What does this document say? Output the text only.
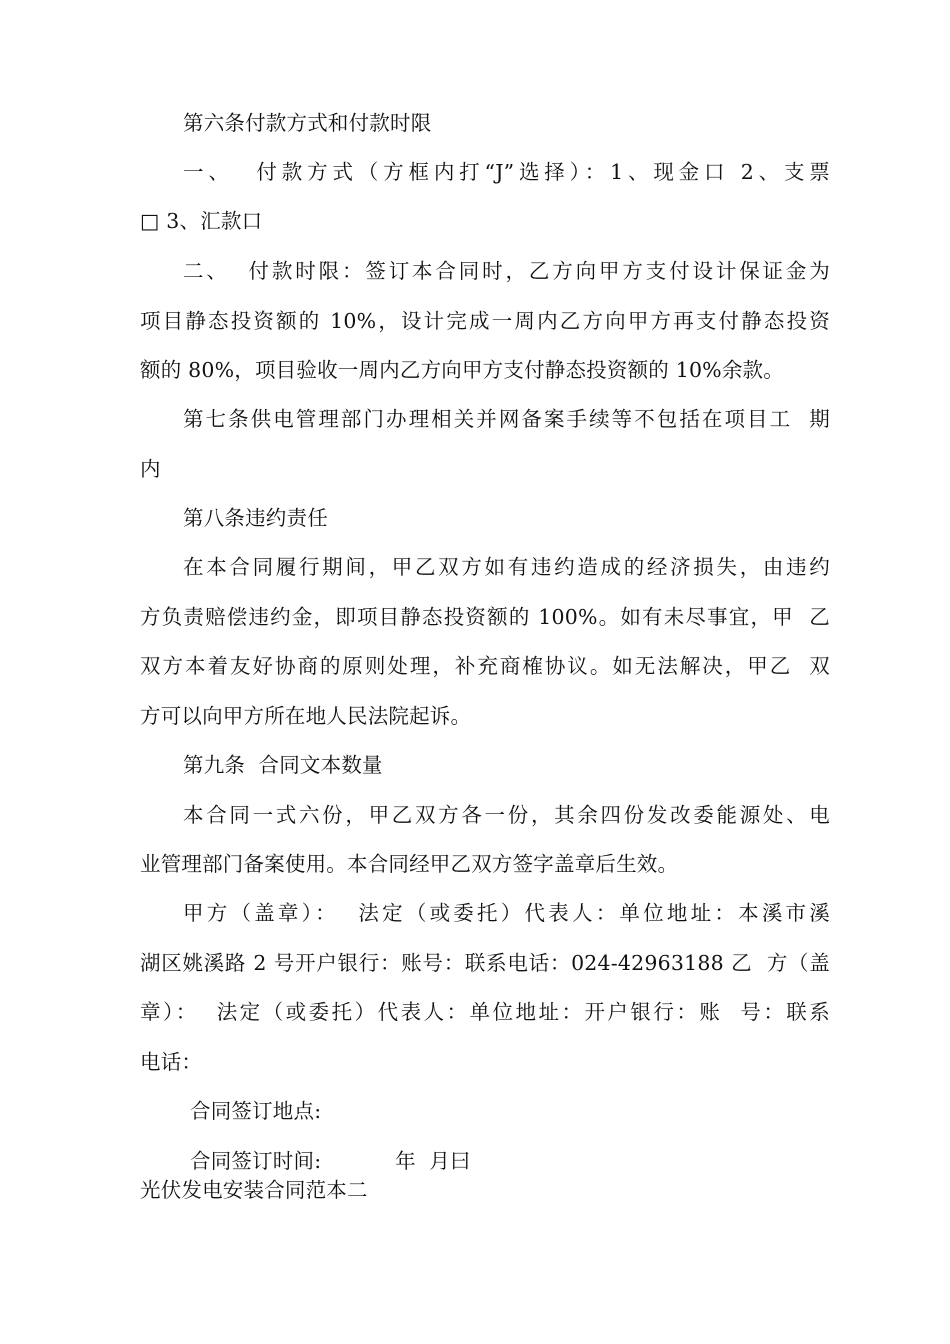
第六条付款方式和付款时限
一、  付款方式（方框内打“J”选择）：1、现金口 2、支票
□ 3、汇款口
二、  付款时限：签订本合同时，乙方向甲方支付设计保证金为
项目静态投资额的 10%，设计完成一周内乙方向甲方再支付静态投资
额的 80%，项目验收一周内乙方向甲方支付静态投资额的 10%余款。
第七条供电管理部门办理相关并网备案手续等不包括在项目工  期
内
第八条违约责任
在本合同履行期间，甲乙双方如有违约造成的经济损失，由违约
方负责赔偿违约金，即项目静态投资额的 100%。如有未尽事宜，甲  乙
双方本着友好协商的原则处理，补充商榷协议。如无法解决，甲乙  双
方可以向甲方所在地人民法院起诉。
第九条  合同文本数量
本合同一式六份，甲乙双方各一份，其余四份发改委能源处、电
业管理部门备案使用。本合同经甲乙双方签字盖章后生效。
甲方（盖章）：  法定（或委托）代表人：单位地址：本溪市溪
湖区姚溪路 2 号开户银行：账号：联系电话：024-42963188 乙  方（盖
章）：  法定（或委托）代表人：单位地址：开户银行：账  号：联系
电话：
合同签订地点:
合同签订时间:           年  月曰
光伏发电安装合同范本二
